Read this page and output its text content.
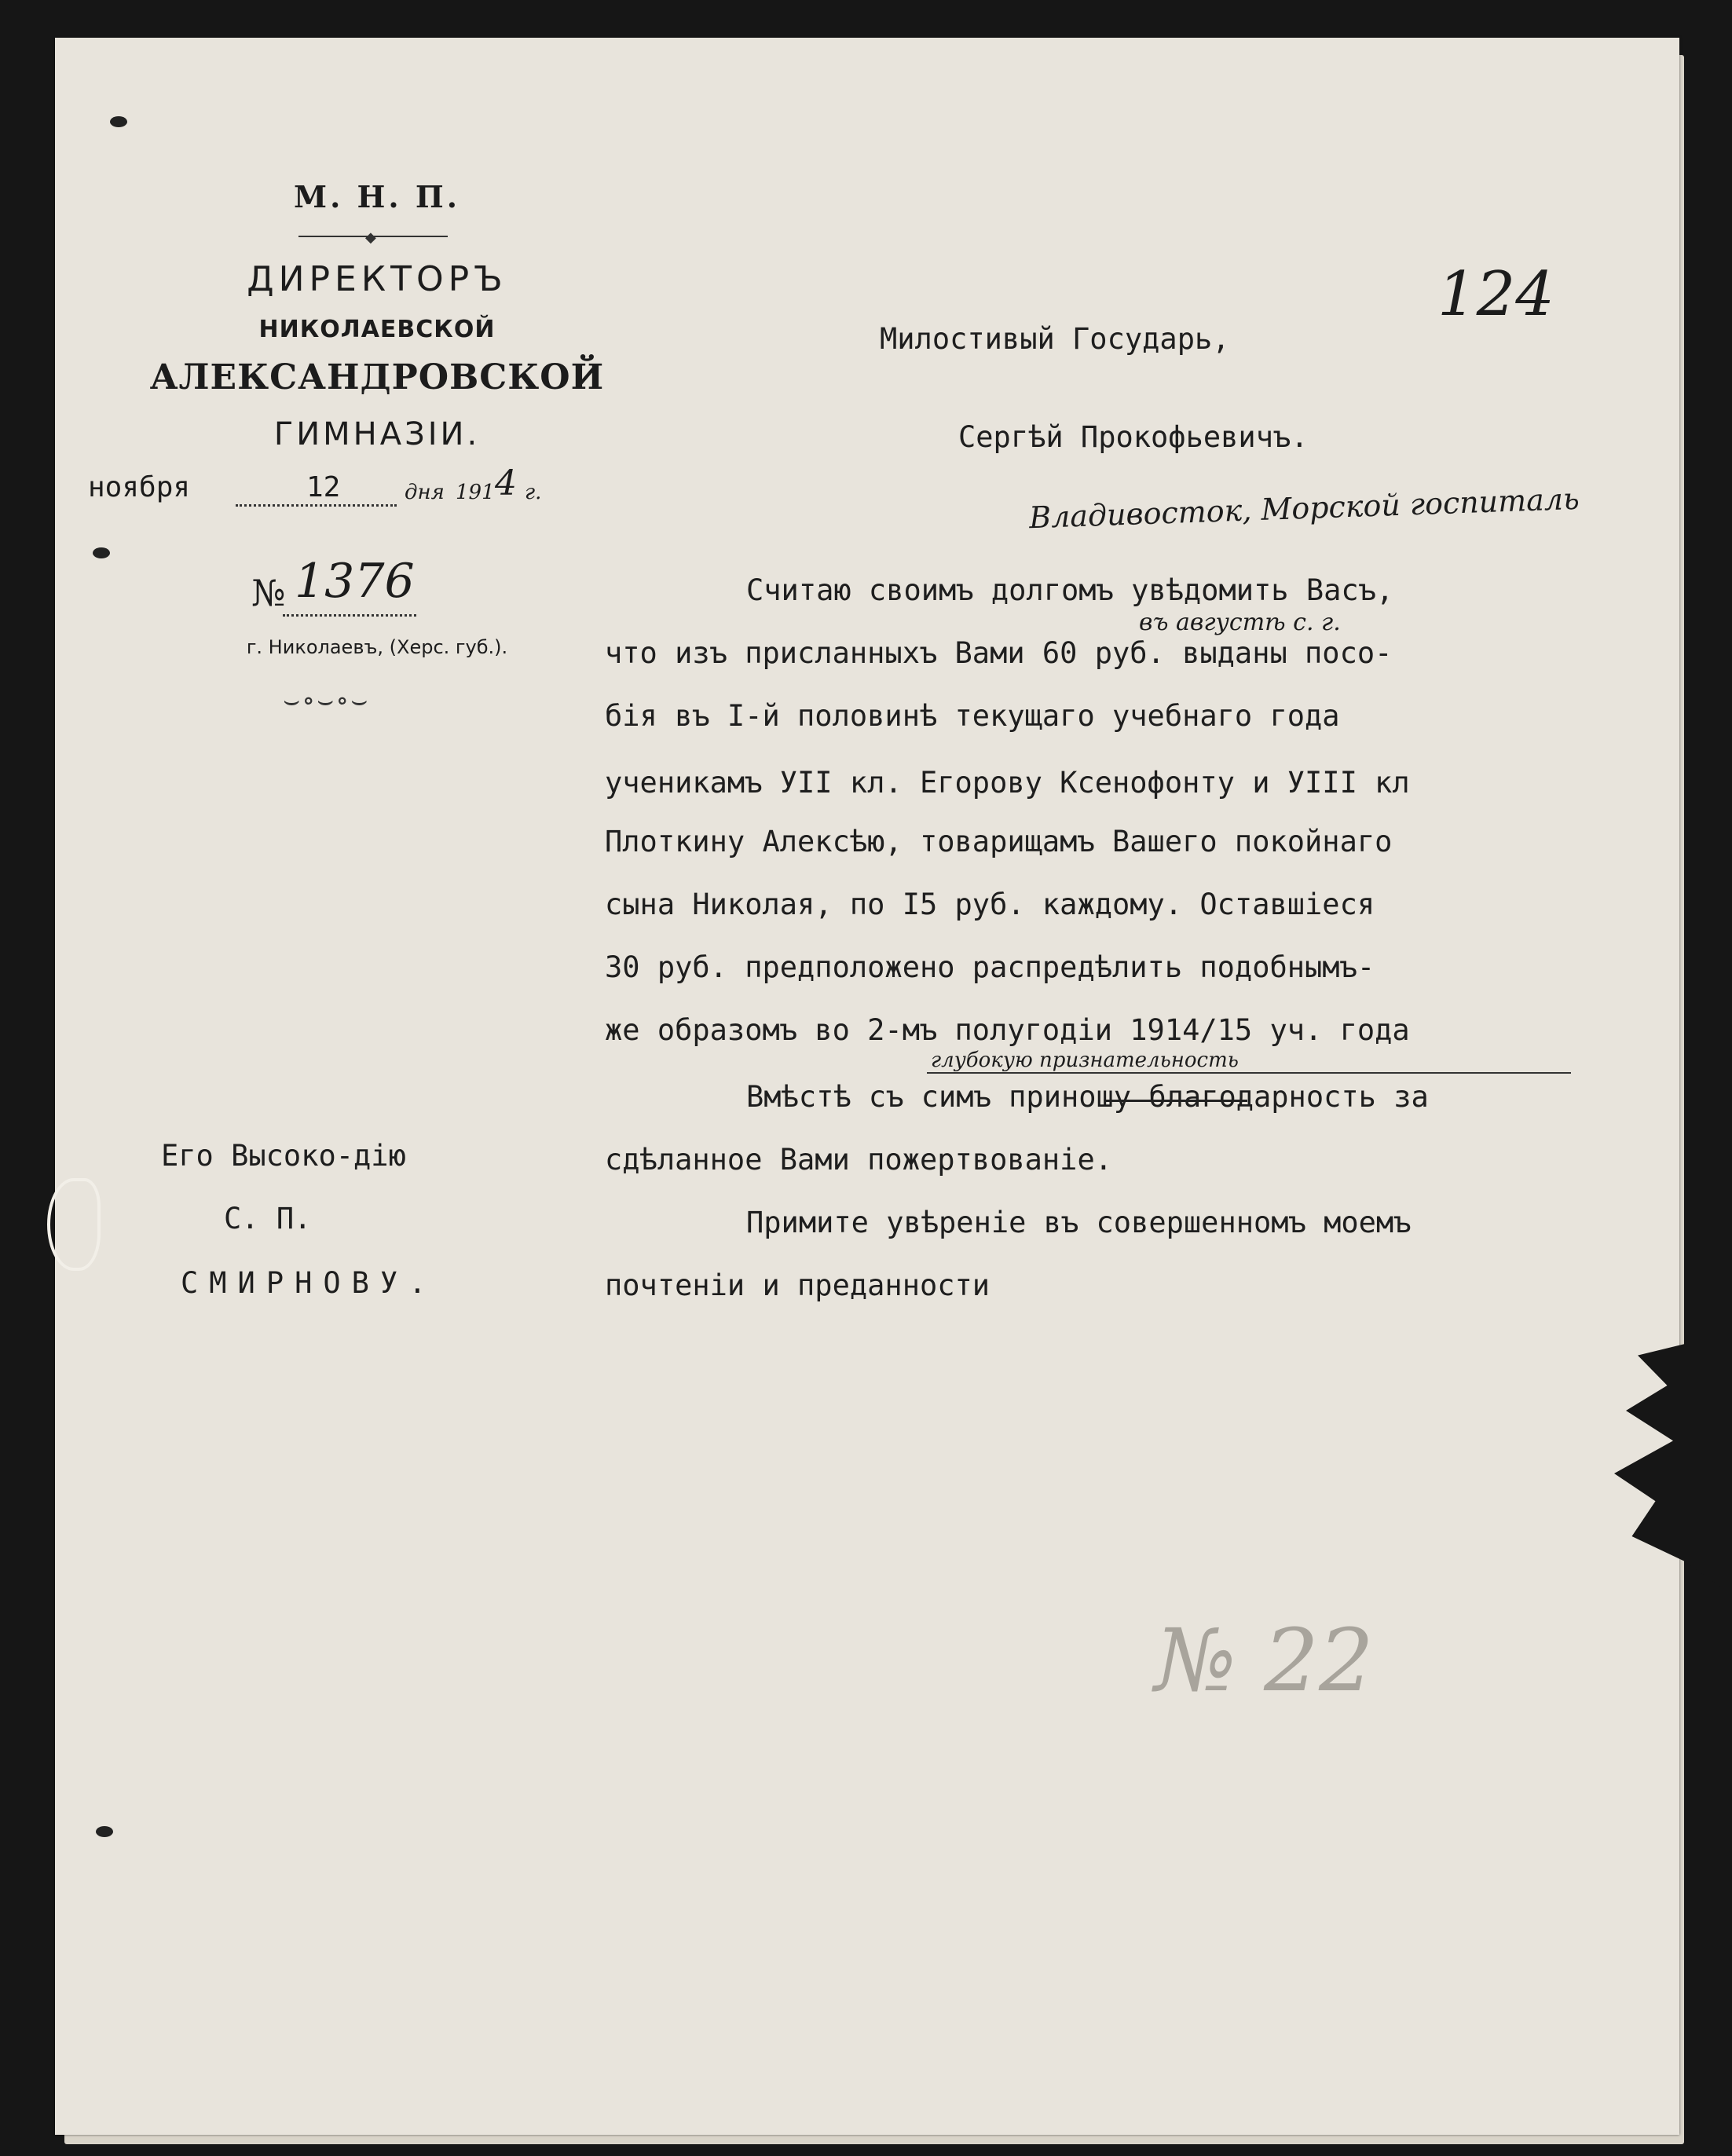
М. Н. П.
◆
ДИРЕКТОРЪ
НИКОЛАЕВСКОЙ
АЛЕКСАНДРОВСКОЙ
ГИМНАЗІИ.
ноября	12	дня 191 4 г.
№ 1376
г. Николаевъ, (Херс. губ.).
⌣∘⌣∘⌣
Милостивый Государь,
Сергѣй Прокофьевичъ.
124
Владивосток, Морской госпиталь
въ августѣ с. г.
Считаю своимъ долгомъ увѣдомить Васъ,
что изъ присланныхъ Вами 60 руб. выданы посо-
бія въ I-й половинѣ текущаго учебнаго года
ученикамъ УII кл. Егорову Ксенофонту и УIII кл
Плоткину Алексѣю, товарищамъ Вашего покойнаго
сына Николая, по I5 руб. каждому. Оставшіеся
30 руб. предположено распредѣлить подобнымъ-
же образомъ во 2-мъ полугодіи 1914/15 уч. года
глубокую признательность
Вмѣстѣ съ симъ приношу благодарность за
сдѣланное Вами пожертвованіе.
Примите увѣреніе въ совершенномъ моемъ
почтеніи и преданности
Его Высоко-дію
С. П.
СМИРНОВУ.
№ 22
